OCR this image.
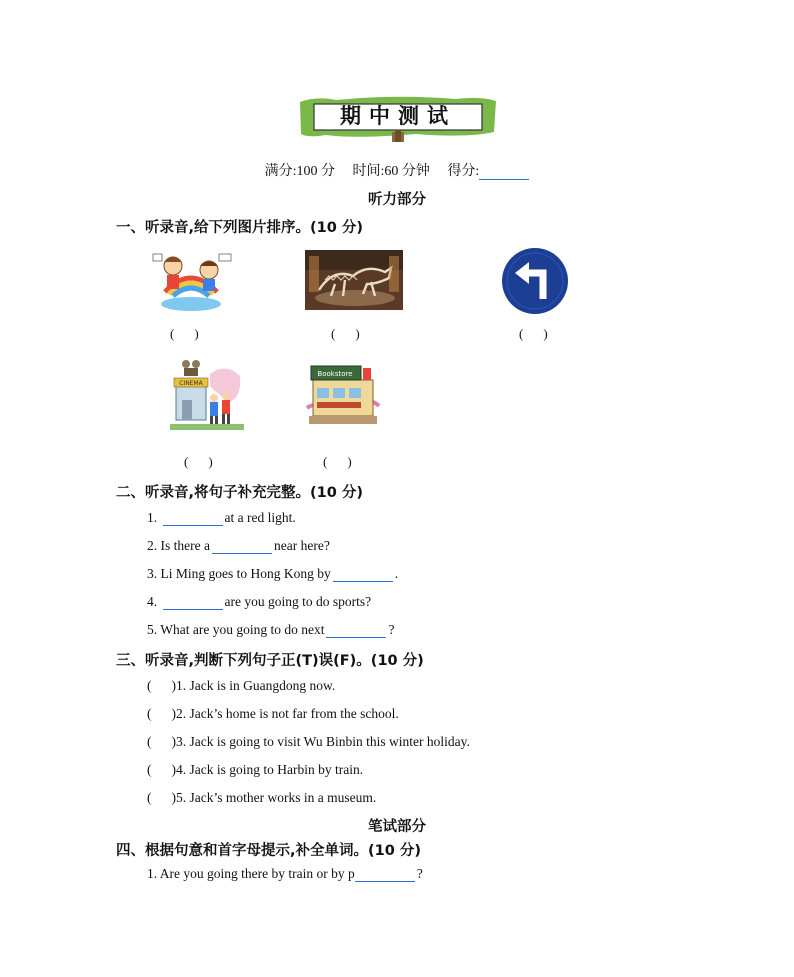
期中测试
满分:100 分 时间:60 分钟 得分:
听力部分
一、听录音,给下列图片排序。(10 分)
( )	( )	( )
CINEMA
Bookstore
( )	( )
二、听录音,将句子补充完整。(10 分)
1.	at a red light.
2. Is there a	near here?
3. Li Ming goes to Hong Kong by	.
4.	are you going to do sports?
5. What are you going to do next	?
三、听录音,判断下列句子正(T)误(F)。(10 分)
( )1. Jack is in Guangdong now.
( )2. Jack’s home is not far from the school.
( )3. Jack is going to visit Wu Binbin this winter holiday.
( )4. Jack is going to Harbin by train.
( )5. Jack’s mother works in a museum.
笔试部分
四、根据句意和首字母提示,补全单词。(10 分)
1. Are you going there by train or by p	?
